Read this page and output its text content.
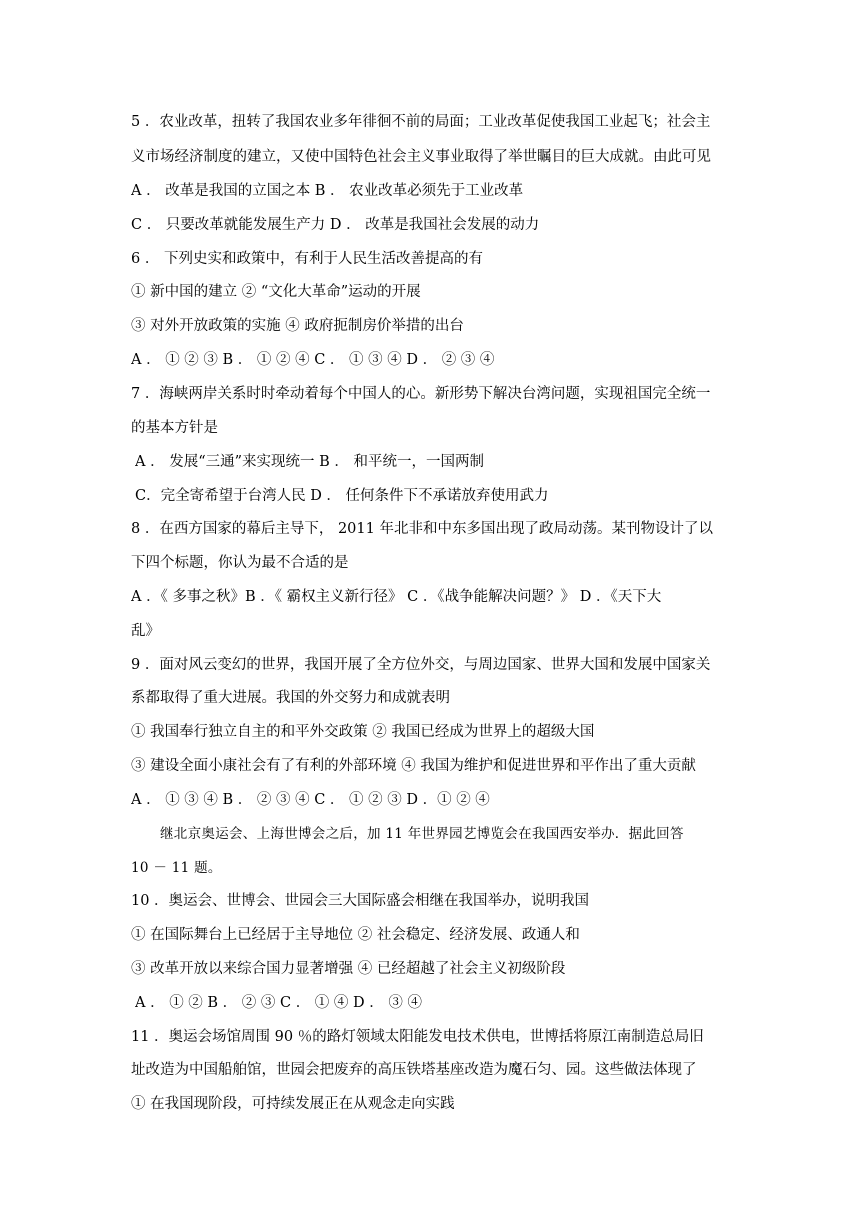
5 ．农业改革，扭转了我国农业多年徘徊不前的局面；工业改革促使我国工业起飞；社会主
义市场经济制度的建立，又使中国特色社会主义事业取得了举世瞩目的巨大成就。由此可见
A ． 改革是我国的立国之本 B ． 农业改革必须先于工业改革
C ． 只要改革就能发展生产力 D ． 改革是我国社会发展的动力
6 ． 下列史实和政策中，有利于人民生活改善提高的有
① 新中国的建立 ② “文化大革命”运动的开展
③ 对外开放政策的实施 ④ 政府扼制房价举措的出台
A ． ① ② ③ B ． ① ② ④ C ． ① ③ ④ D ． ② ③ ④
7 ．海峡两岸关系时时牵动着每个中国人的心。新形势下解决台湾问题，实现祖国完全统一
的基本方针是
A ． 发展“三通”来实现统一 B ． 和平统一，一国两制
C．完全寄希望于台湾人民 D ． 任何条件下不承诺放弃使用武力
8 ．在西方国家的幕后主导下， 2011 年北非和中东多国出现了政局动荡。某刊物设计了以
下四个标题，你认为最不合适的是
A ．《 多事之秋》B ．《 霸权主义新行径》 C ．《战争能解决问题？》 D ．《天下大
乱》
9 ．面对风云变幻的世界，我国开展了全方位外交，与周边国家、世界大国和发展中国家关
系都取得了重大进展。我国的外交努力和成就表明
① 我国奉行独立自主的和平外交政策 ② 我国已经成为世界上的超级大国
③ 建设全面小康社会有了有利的外部环境 ④ 我国为维护和促进世界和平作出了重大贡献
A ． ① ③ ④ B ． ② ③ ④ C ． ① ② ③ D ．① ② ④
继北京奥运会、上海世博会之后，加 11 年世界园艺博览会在我国西安举办．据此回答
10 － 11 题。
10 ．奥运会、世博会、世园会三大国际盛会相继在我国举办，说明我国
① 在国际舞台上已经居于主导地位 ② 社会稳定、经济发展、政通人和
③ 改革开放以来综合国力显著增强 ④ 已经超越了社会主义初级阶段
A ． ① ② B ． ② ③ C ． ① ④ D ． ③ ④
11 ．奥运会场馆周围 90 ％的路灯领域太阳能发电技术供电，世博括将原江南制造总局旧
址改造为中国船舶馆，世园会把废弃的高压铁塔基座改造为魔石匀、园。这些做法体现了
① 在我国现阶段，可持续发展正在从观念走向实践
